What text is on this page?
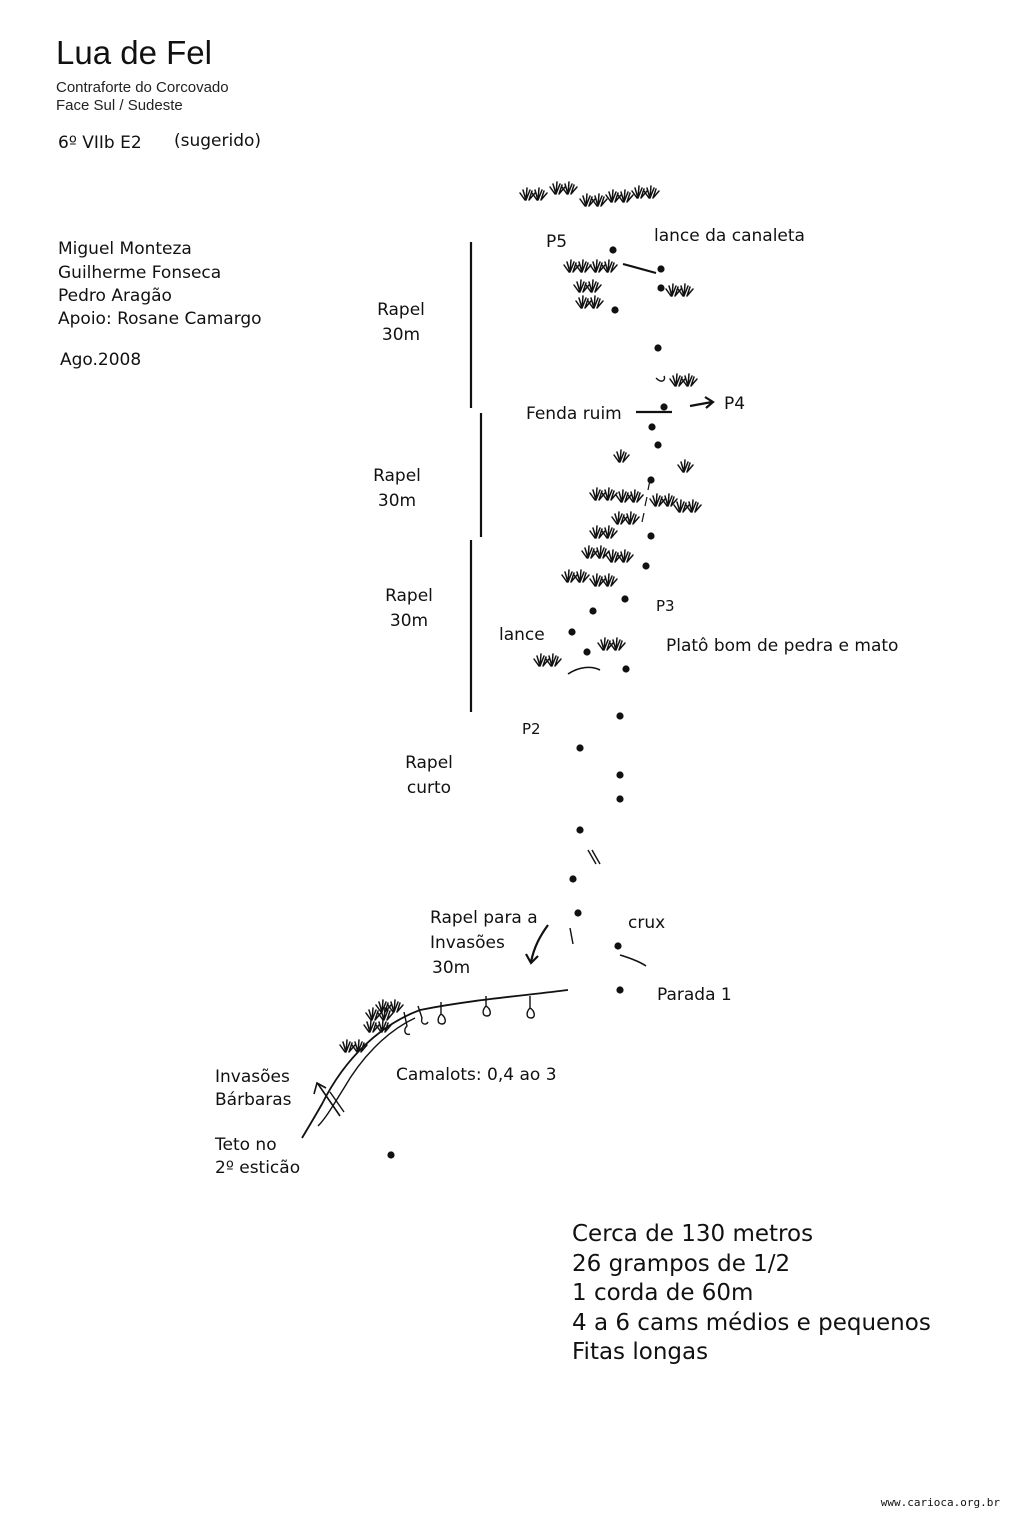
Lua de Fel
Contraforte do Corcovado
Face Sul / Sudeste
6º VIIb E2 (sugerido)
Miguel Monteza
Guilherme Fonseca
Pedro Aragão
Apoio: Rosane Camargo
Ago.2008
Rapel
30m
Rapel
30m
Rapel
30m
Rapel
curto
P5	lance da canaleta
Fenda ruim	P4
P3
lance
Platô bom de pedra e mato
P2
Rapel para a
Invasões
30m
crux
Parada 1
Camalots: 0,4 ao 3
Invasões
Bárbaras
Teto no
2º esticão
Cerca de 130 metros
26 grampos de 1/2
1 corda de 60m
4 a 6 cams médios e pequenos
Fitas longas
www.carioca.org.br
